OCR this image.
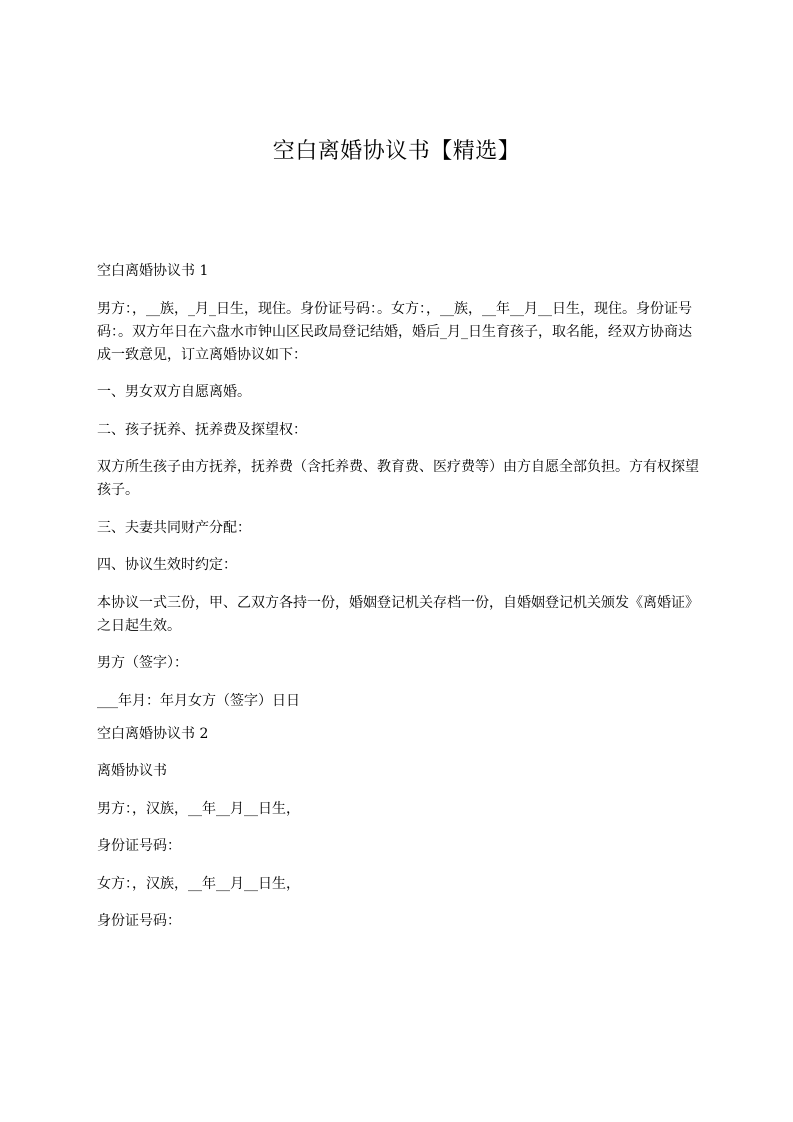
空白离婚协议书【精选】

空白离婚协议书 1

男方：，__族，_月_日生，现住。身份证号码：。女方：，__族，__年__月__日生，现住。身份证号码：。双方年日在六盘水市钟山区民政局登记结婚，婚后_月_日生育孩子，取名能，经双方协商达成一致意见，订立离婚协议如下：

一、男女双方自愿离婚。

二、孩子抚养、抚养费及探望权：

双方所生孩子由方抚养，抚养费（含托养费、教育费、医疗费等）由方自愿全部负担。方有权探望孩子。

三、夫妻共同财产分配：

四、协议生效时约定：

本协议一式三份，甲、乙双方各持一份，婚姻登记机关存档一份，自婚姻登记机关颁发《离婚证》之日起生效。

男方（签字）：

___年月：年月女方（签字）日日

空白离婚协议书 2

离婚协议书

男方：，汉族，__年__月__日生，

身份证号码：

女方：，汉族，__年__月__日生，

身份证号码：
